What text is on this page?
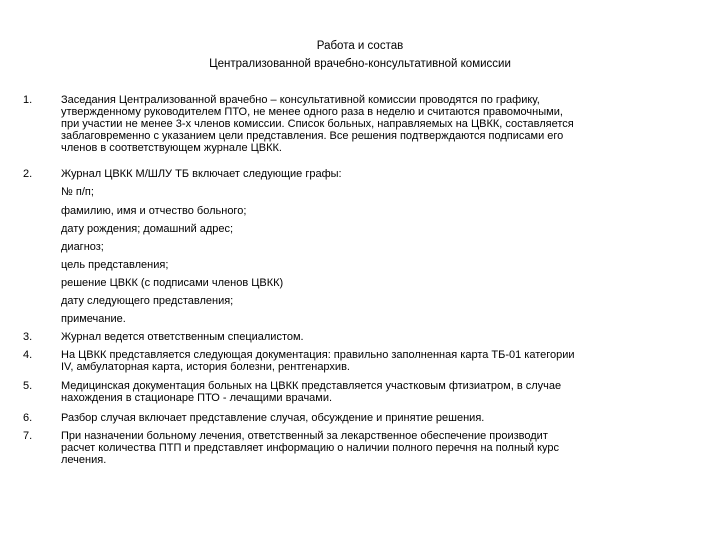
Работа и состав
Централизованной врачебно-консультативной комиссии
1.	Заседания Централизованной врачебно – консультативной комиссии проводятся по графику,
утвержденному руководителем ПТО, не менее одного раза в неделю и считаются правомочными,
при участии не менее 3-х членов комиссии. Список больных, направляемых на ЦВКК, составляется
заблаговременно с указанием цели представления. Все решения подтверждаются подписами его
членов в соответствующем журнале ЦВКК.
2.	Журнал ЦВКК М/ШЛУ ТБ включает следующие графы:
№ п/п;
фамилию, имя и отчество больного;
дату рождения; домашний адрес;
диагноз;
цель представления;
решение ЦВКК (с подписами членов ЦВКК)
дату следующего представления;
примечание.
3.	Журнал ведется ответственным специалистом.
4.	На ЦВКК представляется следующая документация: правильно заполненная карта ТБ-01 категории
IV, амбулаторная карта, история болезни, рентгенархив.
5.	Медицинская документация больных на ЦВКК представляется участковым фтизиатром, в случае
нахождения в стационаре ПТО - лечащими врачами.
6.	Разбор случая включает представление случая, обсуждение и принятие решения.
7.	При назначении больному лечения, ответственный за лекарственное обеспечение производит
расчет количества ПТП и представляет информацию о наличии полного перечня на полный курс
лечения.
